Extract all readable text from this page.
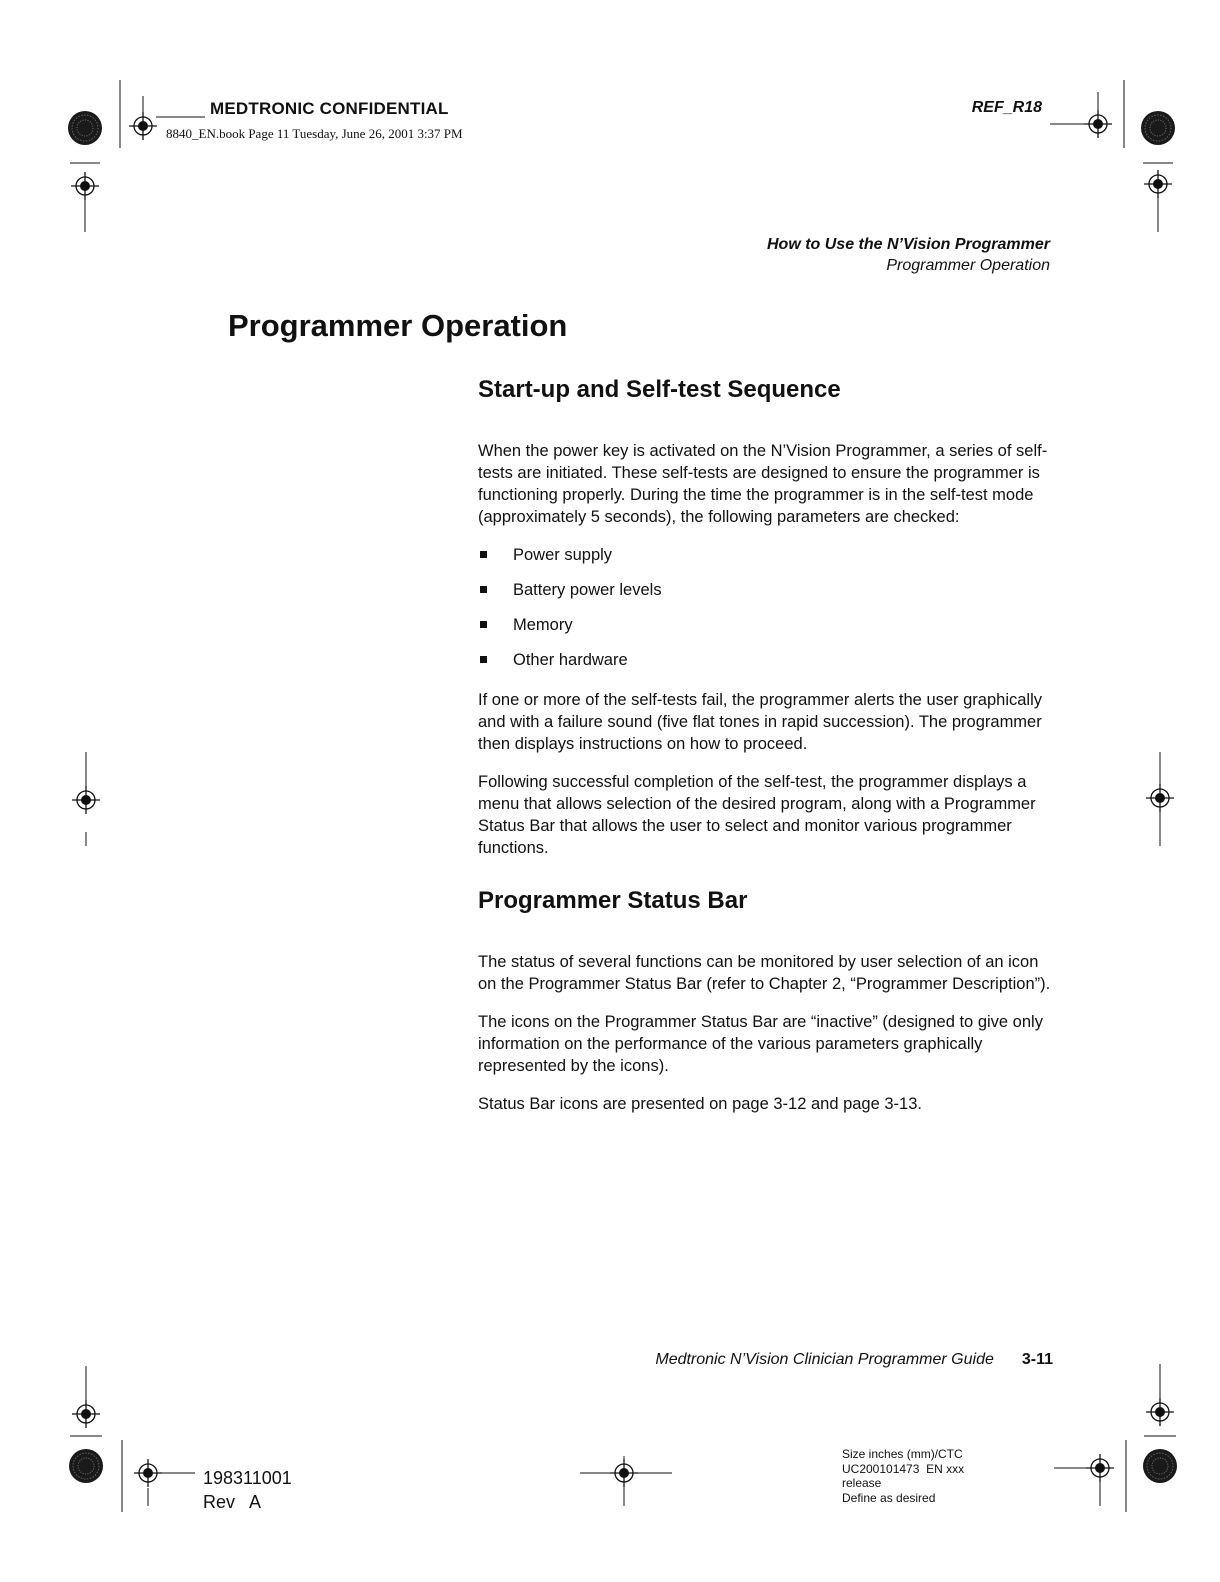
MEDTRONIC CONFIDENTIAL
8840_EN.book Page 11 Tuesday, June 26, 2001 3:37 PM
REF_R18
How to Use the N’Vision Programmer
Programmer Operation
Programmer Operation
Start-up and Self-test Sequence

When the power key is activated on the N’Vision Programmer, a series of self-tests are initiated. These self-tests are designed to ensure the programmer is functioning properly. During the time the programmer is in the self-test mode (approximately 5 seconds), the following parameters are checked:

Power supply
Battery power levels
Memory
Other hardware

If one or more of the self-tests fail, the programmer alerts the user graphically and with a failure sound (five flat tones in rapid succession). The programmer then displays instructions on how to proceed.

Following successful completion of the self-test, the programmer displays a menu that allows selection of the desired program, along with a Programmer Status Bar that allows the user to select and monitor various programmer functions.

Programmer Status Bar

The status of several functions can be monitored by user selection of an icon on the Programmer Status Bar (refer to Chapter 2, “Programmer Description”).

The icons on the Programmer Status Bar are “inactive” (designed to give only information on the performance of the various parameters graphically represented by the icons).

Status Bar icons are presented on page 3-12 and page 3-13.

Medtronic N’Vision Clinician Programmer Guide 3-11
198311001
Rev   A
Size inches (mm)/CTC
UC200101473  EN xxx
release
Define as desired
